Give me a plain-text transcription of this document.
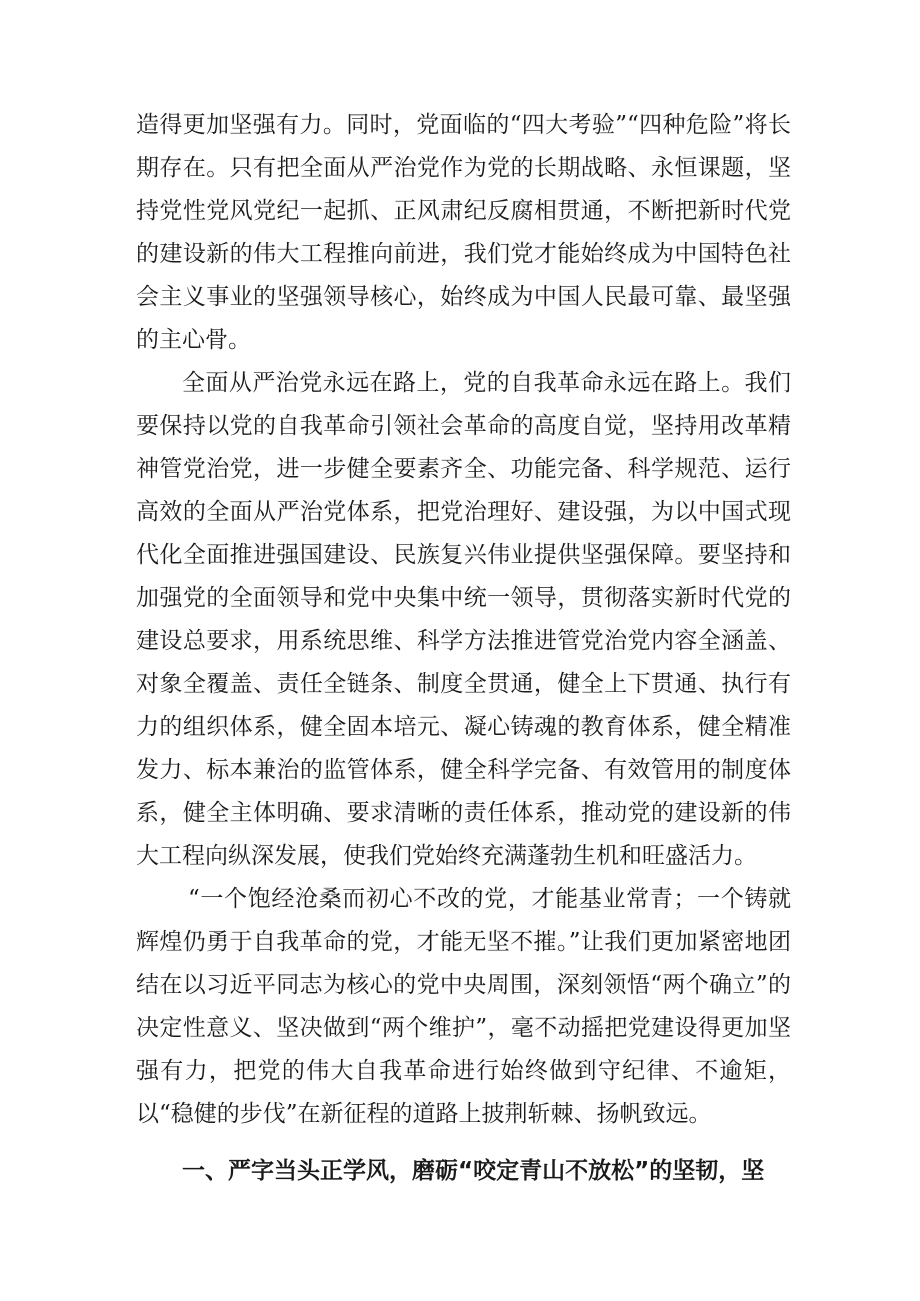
造得更加坚强有力。同时，党面临的“四大考验”“四种危险”将长期存在。只有把全面从严治党作为党的长期战略、永恒课题，坚持党性党风党纪一起抓、正风肃纪反腐相贯通，不断把新时代党的建设新的伟大工程推向前进，我们党才能始终成为中国特色社会主义事业的坚强领导核心，始终成为中国人民最可靠、最坚强的主心骨。

全面从严治党永远在路上，党的自我革命永远在路上。我们要保持以党的自我革命引领社会革命的高度自觉，坚持用改革精神管党治党，进一步健全要素齐全、功能完备、科学规范、运行高效的全面从严治党体系，把党治理好、建设强，为以中国式现代化全面推进强国建设、民族复兴伟业提供坚强保障。要坚持和加强党的全面领导和党中央集中统一领导，贯彻落实新时代党的建设总要求，用系统思维、科学方法推进管党治党内容全涵盖、对象全覆盖、责任全链条、制度全贯通，健全上下贯通、执行有力的组织体系，健全固本培元、凝心铸魂的教育体系，健全精准发力、标本兼治的监管体系，健全科学完备、有效管用的制度体系，健全主体明确、要求清晰的责任体系，推动党的建设新的伟大工程向纵深发展，使我们党始终充满蓬勃生机和旺盛活力。

“一个饱经沧桑而初心不改的党，才能基业常青；一个铸就辉煌仍勇于自我革命的党，才能无坚不摧。”让我们更加紧密地团结在以习近平同志为核心的党中央周围，深刻领悟“两个确立”的决定性意义、坚决做到“两个维护”，毫不动摇把党建设得更加坚强有力，把党的伟大自我革命进行始终做到守纪律、不逾矩，以“稳健的步伐”在新征程的道路上披荆斩棘、扬帆致远。

一、严字当头正学风，磨砺“咬定青山不放松”的坚韧，坚
